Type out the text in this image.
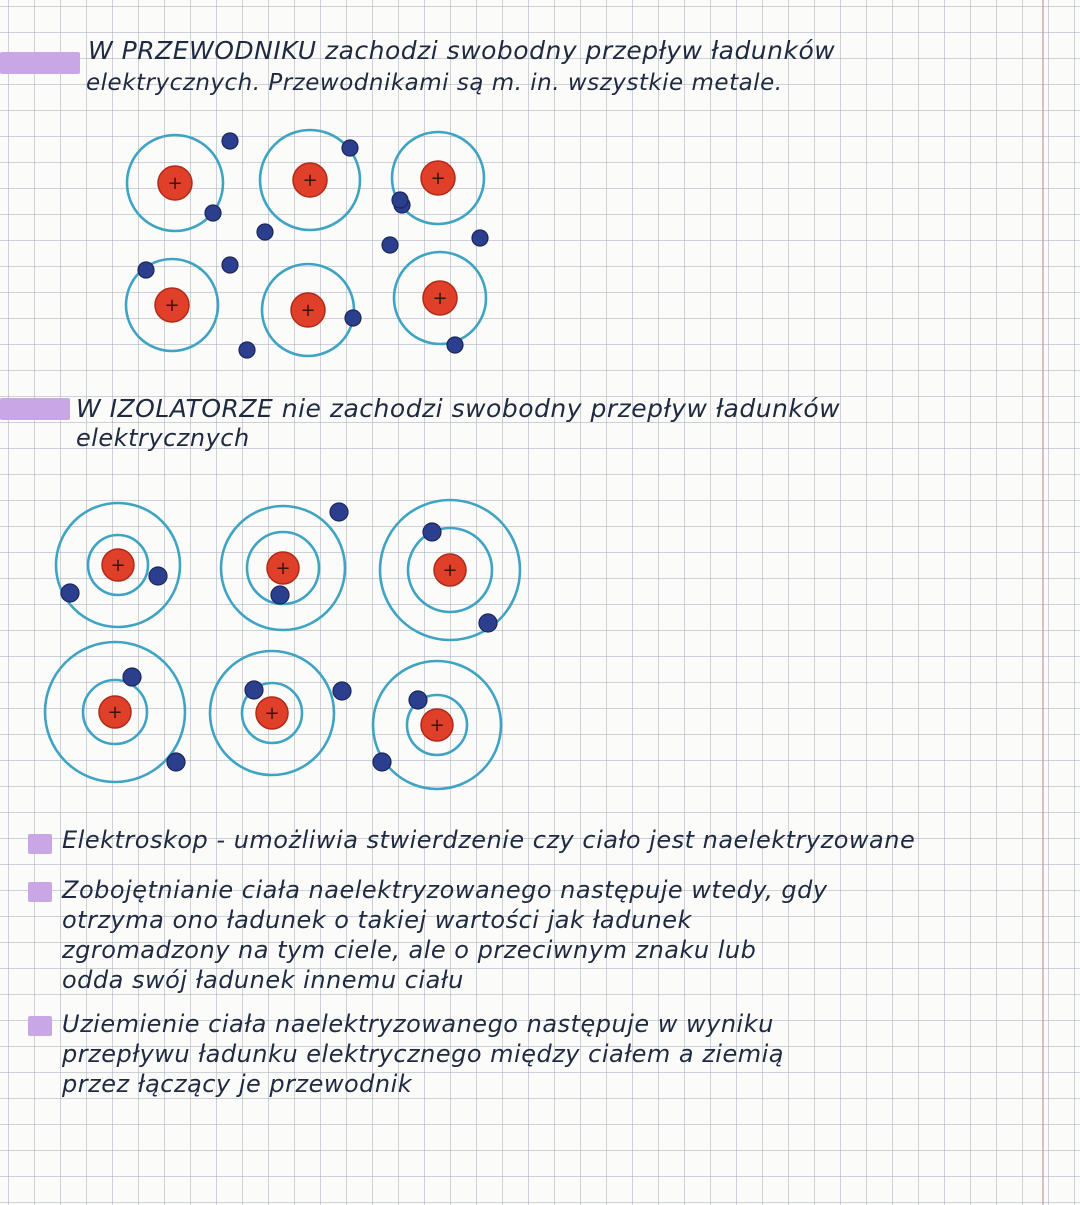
W PRZEWODNIKU zachodzi swobodny przepływ ładunków
elektrycznych. Przewodnikami są m. in. wszystkie metale.
W IZOLATORZE nie zachodzi swobodny przepływ ładunków
elektrycznych
Elektroskop - umożliwia stwierdzenie czy ciało jest naelektryzowane
Zobojętnianie ciała naelektryzowanego następuje wtedy, gdy
otrzyma ono ładunek o takiej wartości jak ładunek
zgromadzony na tym ciele, ale o przeciwnym znaku lub
odda swój ładunek innemu ciału
Uziemienie ciała naelektryzowanego następuje w wyniku
przepływu ładunku elektrycznego między ciałem a ziemią
przez łączący je przewodnik
+	+	+
+	+
+
+	+	+
+	+
+
